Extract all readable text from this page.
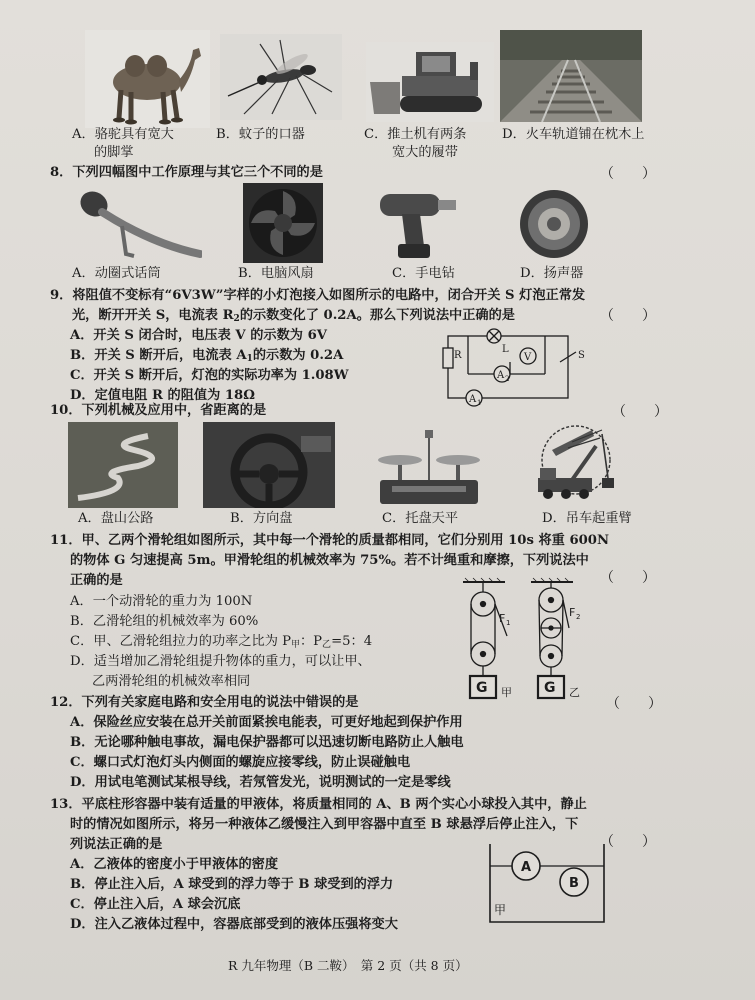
A．骆驼具有宽大
的脚掌
B．蚊子的口器	C．推土机有两条
宽大的履带
D．火车轨道铺在枕木上
8．下列四幅图中工作原理与其它三个不同的是	（　　）
A．动圈式话筒	B．电脑风扇	C．手电钻	D．扬声器
9．将阻值不变标有“6V3W”字样的小灯泡接入如图所示的电路中，闭合开关 S 灯泡正常发
光，断开开关 S，电流表 $R_2$的示数变化了 0.2A。那么下列说法中正确的是	（　　）
A．开关 S 闭合时，电压表 V 的示数为 6V
B．开关 S 断开后，电流表 $A_1$的示数为 0.2A
C．开关 S 断开后，灯泡的实际功率为 1.08W
D．定值电阻 R 的阻值为 18Ω
R
L
V	S
A 2
A 1
10．下列机械及应用中，省距离的是	（　　）
A．盘山公路	B．方向盘	C．托盘天平	D．吊车起重臂
11．甲、乙两个滑轮组如图所示，其中每一个滑轮的质量都相同，它们分别用 10s 将重 600N
的物体 G 匀速提高 5m。甲滑轮组的机械效率为 75%。若不计绳重和摩擦，下列说法中
正确的是	（　　）
A．一个动滑轮的重力为 100N
B．乙滑轮组的机械效率为 60%
C．甲、乙滑轮组拉力的功率之比为 $P_甲$：$P_乙=5$：4
D．适当增加乙滑轮组提升物体的重力，可以让甲、
乙两滑轮组的机械效率相同
F 1
F 2
G	G
甲	乙
12．下列有关家庭电路和安全用电的说法中错误的是	（　　）
A．保险丝应安装在总开关前面紧挨电能表，可更好地起到保护作用
B．无论哪种触电事故，漏电保护器都可以迅速切断电路防止人触电
C．螺口式灯泡灯头内侧面的螺旋应接零线，防止误碰触电
D．用试电笔测试某根导线，若氖管发光，说明测试的一定是零线
13．平底柱形容器中装有适量的甲液体，将质量相同的 A、B 两个实心小球投入其中，静止
时的情况如图所示，将另一种液体乙缓慢注入到甲容器中直至 B 球悬浮后停止注入，下
列说法正确的是	（　　）
A．乙液体的密度小于甲液体的密度
B．停止注入后，A 球受到的浮力等于 B 球受到的浮力
C．停止注入后，A 球会沉底
D．注入乙液体过程中，容器底部受到的液体压强将变大
A
B
甲
R 九年物理（B 二鞍）　第 2 页（共 8 页）
